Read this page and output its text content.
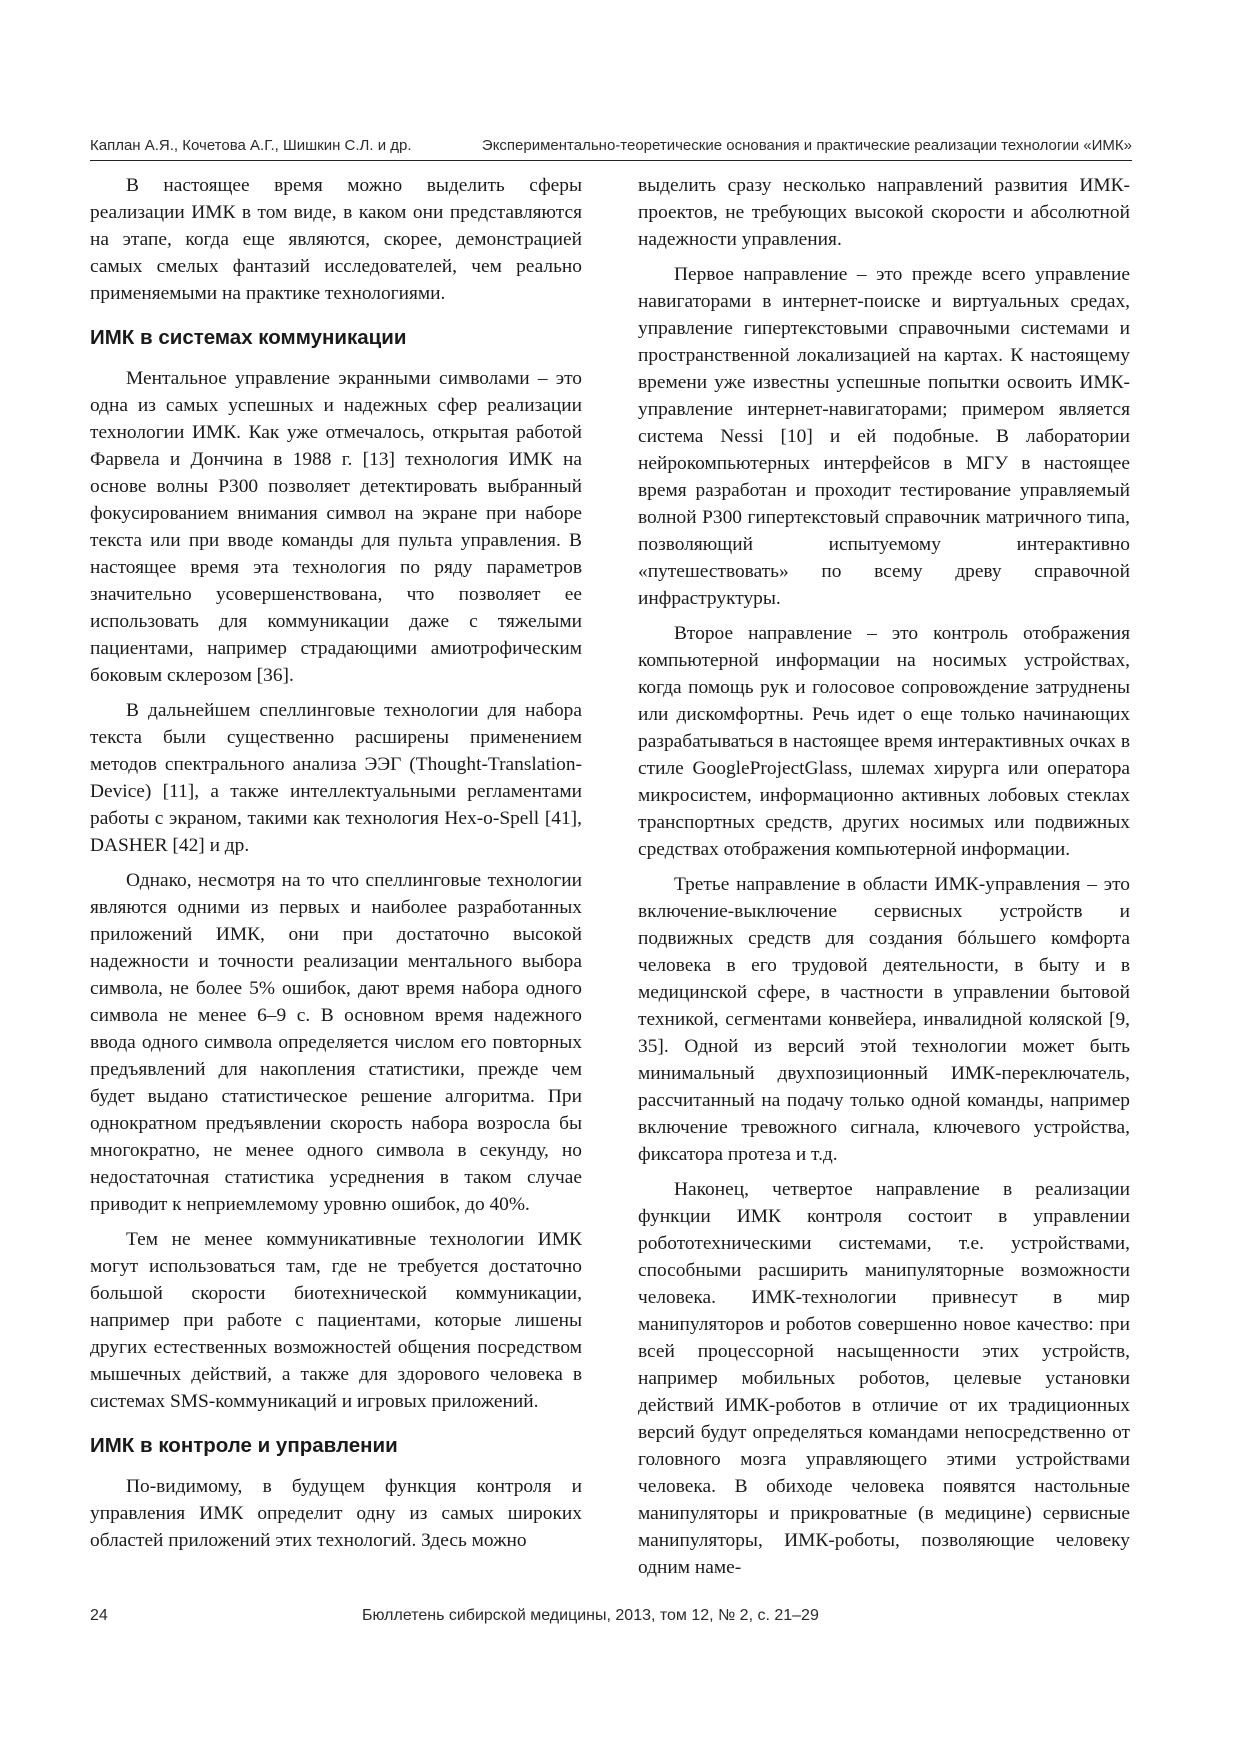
Каплан А.Я., Кочетова А.Г., Шишкин С.Л. и др.	Экспериментально-теоретические основания и практические реализации технологии «ИМК»

В настоящее время можно выделить сферы реализации ИМК в том виде, в каком они представляются на этапе, когда еще являются, скорее, демонстрацией самых смелых фантазий исследователей, чем реально применяемыми на практике технологиями.

ИМК в системах коммуникации

Ментальное управление экранными символами – это одна из самых успешных и надежных сфер реализации технологии ИМК. Как уже отмечалось, открытая работой Фарвела и Дончина в 1988 г. [13] технология ИМК на основе волны Р300 позволяет детектировать выбранный фокусированием внимания символ на экране при наборе текста или при вводе команды для пульта управления. В настоящее время эта технология по ряду параметров значительно усовершенствована, что позволяет ее использовать для коммуникации даже с тяжелыми пациентами, например страдающими амиотрофическим боковым склерозом [36].

В дальнейшем спеллинговые технологии для набора текста были существенно расширены применением методов спектрального анализа ЭЭГ (Thought-Translation-Device) [11], а также интеллектуальными регламентами работы с экраном, такими как технология Hex-o-Spell [41], DASHER [42] и др.

Однако, несмотря на то что спеллинговые технологии являются одними из первых и наиболее разработанных приложений ИМК, они при достаточно высокой надежности и точности реализации ментального выбора символа, не более 5% ошибок, дают время набора одного символа не менее 6–9 с. В основном время надежного ввода одного символа определяется числом его повторных предъявлений для накопления статистики, прежде чем будет выдано статистическое решение алгоритма. При однократном предъявлении скорость набора возросла бы многократно, не менее одного символа в секунду, но недостаточная статистика усреднения в таком случае приводит к неприемлемому уровню ошибок, до 40%.

Тем не менее коммуникативные технологии ИМК могут использоваться там, где не требуется достаточно большой скорости биотехнической коммуникации, например при работе с пациентами, которые лишены других естественных возможностей общения посредством мышечных действий, а также для здорового человека в системах SMS-коммуникаций и игровых приложений.

ИМК в контроле и управлении

По-видимому, в будущем функция контроля и управления ИМК определит одну из самых широких областей приложений этих технологий. Здесь можно

выделить сразу несколько направлений развития ИМК-проектов, не требующих высокой скорости и абсолютной надежности управления.

Первое направление – это прежде всего управление навигаторами в интернет-поиске и виртуальных средах, управление гипертекстовыми справочными системами и пространственной локализацией на картах. К настоящему времени уже известны успешные попытки освоить ИМК-управление интернет-навигаторами; примером является система Nessi [10] и ей подобные. В лаборатории нейрокомпьютерных интерфейсов в МГУ в настоящее время разработан и проходит тестирование управляемый волной Р300 гипертекстовый справочник матричного типа, позволяющий испытуемому интерактивно «путешествовать» по всему древу справочной инфраструктуры.

Второе направление – это контроль отображения компьютерной информации на носимых устройствах, когда помощь рук и голосовое сопровождение затруднены или дискомфортны. Речь идет о еще только начинающих разрабатываться в настоящее время интерактивных очках в стиле GoogleProjectGlass, шлемах хирурга или оператора микросистем, информационно активных лобовых стеклах транспортных средств, других носимых или подвижных средствах отображения компьютерной информации.

Третье направление в области ИМК-управления – это включение-выключение сервисных устройств и подвижных средств для создания бóльшего комфорта человека в его трудовой деятельности, в быту и в медицинской сфере, в частности в управлении бытовой техникой, сегментами конвейера, инвалидной коляской [9, 35]. Одной из версий этой технологии может быть минимальный двухпозиционный ИМК-переключатель, рассчитанный на подачу только одной команды, например включение тревожного сигнала, ключевого устройства, фиксатора протеза и т.д.

Наконец, четвертое направление в реализации функции ИМК контроля состоит в управлении робототехническими системами, т.е. устройствами, способными расширить манипуляторные возможности человека. ИМК-технологии привнесут в мир манипуляторов и роботов совершенно новое качество: при всей процессорной насыщенности этих устройств, например мобильных роботов, целевые установки действий ИМК-роботов в отличие от их традиционных версий будут определяться командами непосредственно от головного мозга управляющего этими устройствами человека. В обиходе человека появятся настольные манипуляторы и прикроватные (в медицине) сервисные манипуляторы, ИМК-роботы, позволяющие человеку одним наме-

24	Бюллетень сибирской медицины, 2013, том 12, № 2, с. 21–29
